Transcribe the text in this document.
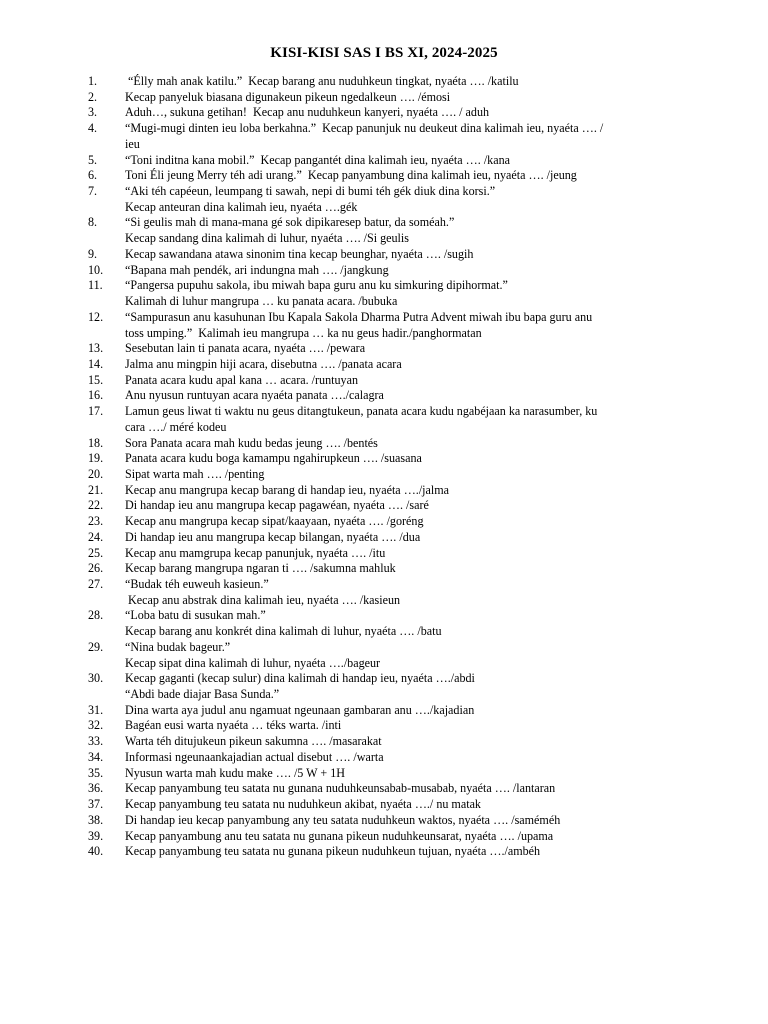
KISI-KISI SAS I BS XI, 2024-2025
1.	“Élly mah anak katilu.”  Kecap barang anu nuduhkeun tingkat, nyaéta …. /katilu
2.	Kecap panyeluk biasana digunakeun pikeun ngedalkeun …. /émosi
3.	Aduh…, sukuna getihan!  Kecap anu nuduhkeun kanyeri, nyaéta …. / aduh
4.	“Mugi-mugi dinten ieu loba berkahna.”  Kecap panunjuk nu deukeut dina kalimah ieu, nyaéta …. /
ieu
5.	“Toni inditna kana mobil.”  Kecap pangantét dina kalimah ieu, nyaéta …. /kana
6.	Toni Éli jeung Merry téh adi urang.”  Kecap panyambung dina kalimah ieu, nyaéta …. /jeung
7.	“Aki téh capéeun, leumpang ti sawah, nepi di bumi téh gék diuk dina korsi.”
Kecap anteuran dina kalimah ieu, nyaéta ….gék
8.	“Si geulis mah di mana-mana gé sok dipikaresep batur, da soméah.”
Kecap sandang dina kalimah di luhur, nyaéta …. /Si geulis
9.	Kecap sawandana atawa sinonim tina kecap beunghar, nyaéta …. /sugih
10.	“Bapana mah pendék, ari indungna mah …. /jangkung
11.	“Pangersa pupuhu sakola, ibu miwah bapa guru anu ku simkuring dipihormat.”
Kalimah di luhur mangrupa … ku panata acara. /bubuka
12.	“Sampurasun anu kasuhunan Ibu Kapala Sakola Dharma Putra Advent miwah ibu bapa guru anu
toss umping.”  Kalimah ieu mangrupa … ka nu geus hadir./panghormatan
13.	Sesebutan lain ti panata acara, nyaéta …. /pewara
14.	Jalma anu mingpin hiji acara, disebutna …. /panata acara
15.	Panata acara kudu apal kana … acara. /runtuyan
16.	Anu nyusun runtuyan acara nyaéta panata …./calagra
17.	Lamun geus liwat ti waktu nu geus ditangtukeun, panata acara kudu ngabéjaan ka narasumber, ku
cara …./ méré kodeu
18.	Sora Panata acara mah kudu bedas jeung …. /bentés
19.	Panata acara kudu boga kamampu ngahirupkeun …. /suasana
20.	Sipat warta mah …. /penting
21.	Kecap anu mangrupa kecap barang di handap ieu, nyaéta …./jalma
22.	Di handap ieu anu mangrupa kecap pagawéan, nyaéta …. /saré
23.	Kecap anu mangrupa kecap sipat/kaayaan, nyaéta …. /goréng
24.	Di handap ieu anu mangrupa kecap bilangan, nyaéta …. /dua
25.	Kecap anu mamgrupa kecap panunjuk, nyaéta …. /itu
26.	Kecap barang mangrupa ngaran ti …. /sakumna mahluk
27.	“Budak téh euweuh kasieun.”
Kecap anu abstrak dina kalimah ieu, nyaéta …. /kasieun
28.	“Loba batu di susukan mah.”
Kecap barang anu konkrét dina kalimah di luhur, nyaéta …. /batu
29.	“Nina budak bageur.”
Kecap sipat dina kalimah di luhur, nyaéta …./bageur
30.	Kecap gaganti (kecap sulur) dina kalimah di handap ieu, nyaéta …./abdi
“Abdi bade diajar Basa Sunda.”
31.	Dina warta aya judul anu ngamuat ngeunaan gambaran anu …./kajadian
32.	Bagéan eusi warta nyaéta … téks warta. /inti
33.	Warta téh ditujukeun pikeun sakumna …. /masarakat
34.	Informasi ngeunaankajadian actual disebut …. /warta
35.	Nyusun warta mah kudu make …. /5 W + 1H
36.	Kecap panyambung teu satata nu gunana nuduhkeunsabab-musabab, nyaéta …. /lantaran
37.	Kecap panyambung teu satata nu nuduhkeun akibat, nyaéta …./ nu matak
38.	Di handap ieu kecap panyambung any teu satata nuduhkeun waktos, nyaéta …. /saméméh
39.	Kecap panyambung anu teu satata nu gunana pikeun nuduhkeunsarat, nyaéta …. /upama
40.	Kecap panyambung teu satata nu gunana pikeun nuduhkeun tujuan, nyaéta …./ambéh
